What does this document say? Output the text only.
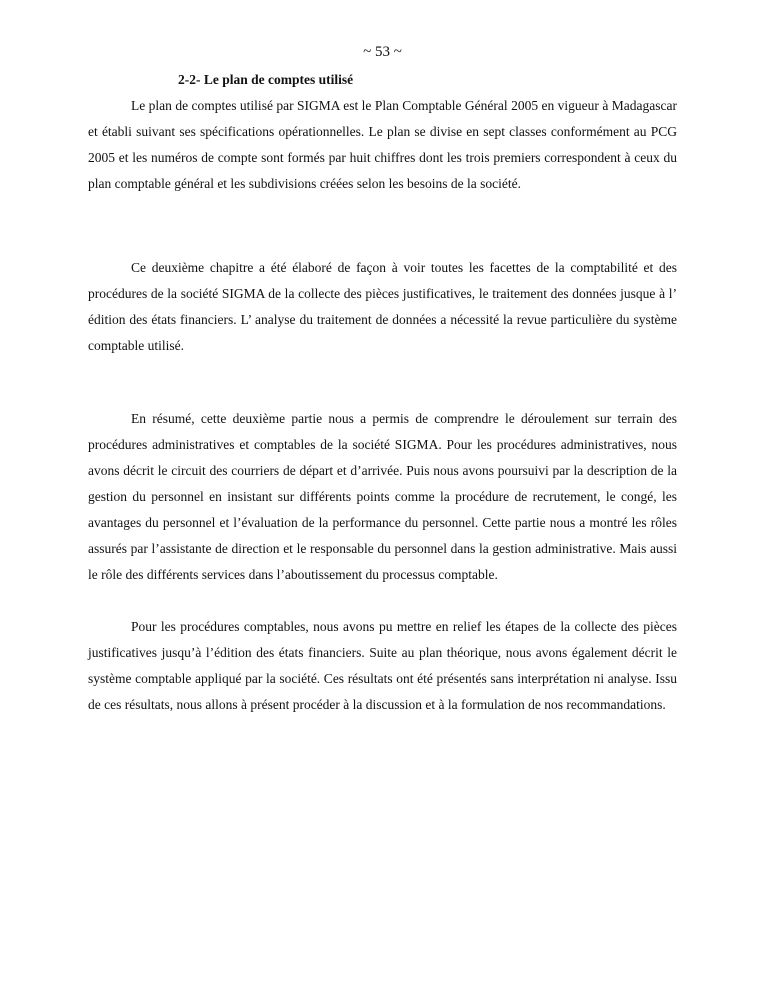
~ 53 ~
2-2- Le plan de comptes utilisé

Le plan de comptes utilisé par SIGMA est le Plan Comptable Général 2005 en vigueur à Madagascar et établi suivant ses spécifications opérationnelles. Le plan se divise en sept classes conformément au PCG 2005 et les numéros de compte sont formés par huit chiffres dont les trois premiers correspondent à ceux du plan comptable général et les subdivisions créées selon les besoins de la société.

Ce deuxième chapitre a été élaboré de façon à voir toutes les facettes de la comptabilité et des procédures de la société SIGMA de la collecte des pièces justificatives, le traitement des données jusque à l’ édition des états financiers. L’ analyse du traitement de données a nécessité la revue particulière du système comptable utilisé.

En résumé, cette deuxième partie nous a permis de comprendre le déroulement sur terrain des procédures administratives et comptables de la société SIGMA. Pour les procédures administratives, nous avons décrit le circuit des courriers de départ et d’arrivée. Puis nous avons poursuivi par la description de la gestion du personnel en insistant sur différents points comme la procédure de recrutement, le congé, les avantages du personnel et l’évaluation de la performance du personnel. Cette partie nous a montré les rôles assurés par l’assistante de direction et le responsable du personnel dans la gestion administrative. Mais aussi le rôle des différents services dans l’aboutissement du processus comptable.

Pour les procédures comptables, nous avons pu mettre en relief les étapes de la collecte des pièces justificatives jusqu’à l’édition des états financiers. Suite au plan théorique, nous avons également décrit le système comptable appliqué par la société. Ces résultats ont été présentés sans interprétation ni analyse. Issu de ces résultats, nous allons à présent procéder à la discussion et à la formulation de nos recommandations.
